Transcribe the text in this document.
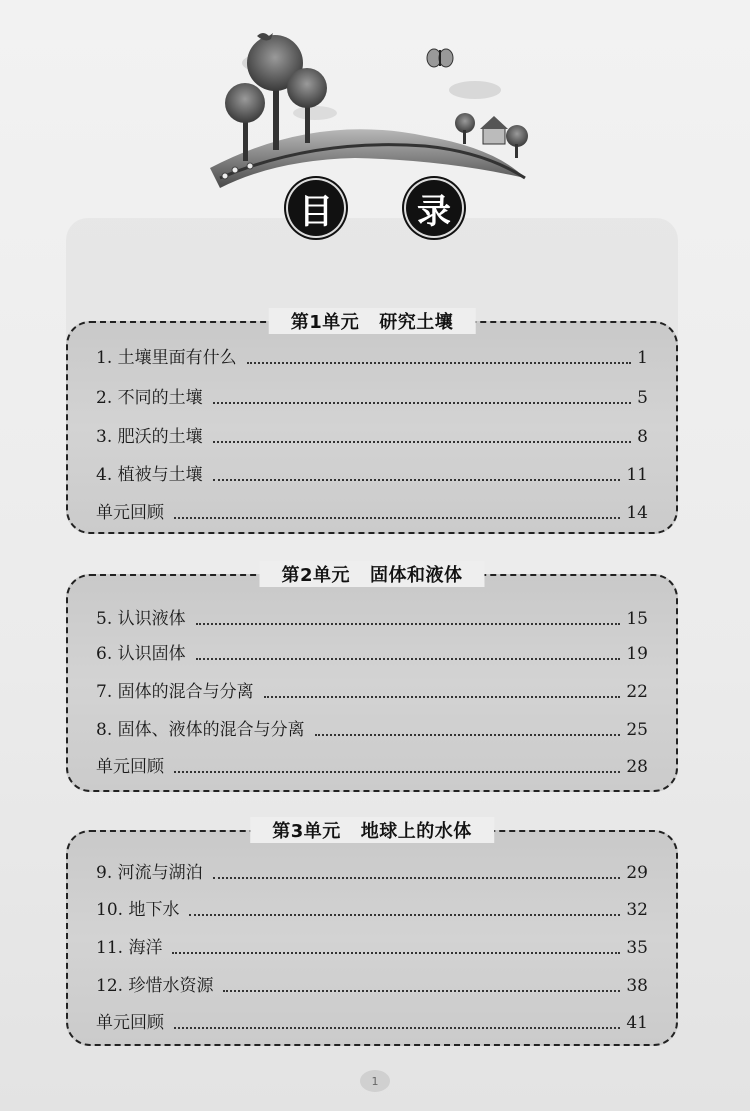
目	录
第1单元 研究土壤
1. 土壤里面有什么	1
2. 不同的土壤	5
3. 肥沃的土壤	8
4. 植被与土壤	11
单元回顾	14
第2单元 固体和液体
5. 认识液体	15
6. 认识固体	19
7. 固体的混合与分离	22
8. 固体、液体的混合与分离	25
单元回顾	28
第3单元 地球上的水体
9. 河流与湖泊	29
10. 地下水	32
11. 海洋	35
12. 珍惜水资源	38
单元回顾	41
1
